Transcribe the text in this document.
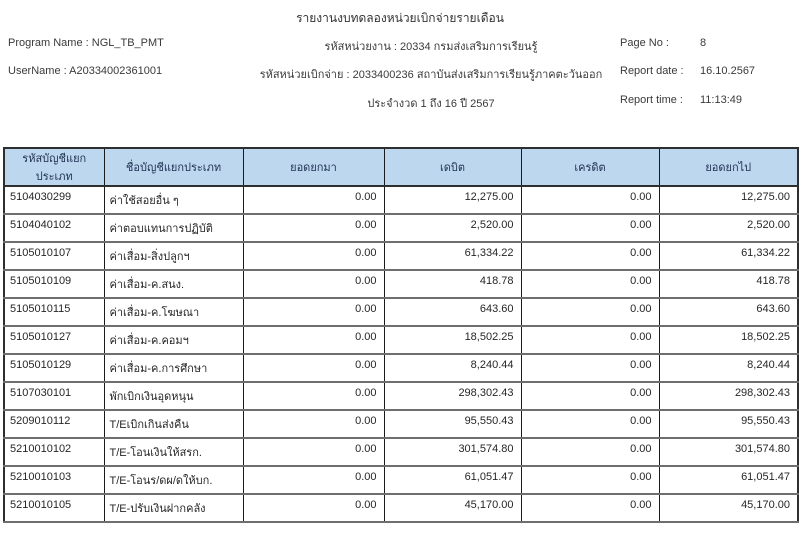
รายงานงบทดลองหน่วยเบิกจ่ายรายเดือน
Program Name : NGL_TB_PMT
UserName : A20334002361001
รหัสหน่วยงาน : 20334 กรมส่งเสริมการเรียนรู้
รหัสหน่วยเบิกจ่าย : 2033400236 สถาบันส่งเสริมการเรียนรู้ภาคตะวันออก
ประจำงวด 1 ถึง 16 ปี 2567
Page No :	8
Report date :	16.10.2567
Report time :	11:13:49
รหัสบัญชีแยกประเภท	ชื่อบัญชีแยกประเภท	ยอดยกมา	เดบิต	เครดิต	ยอดยกไป
5104030299	ค่าใช้สอยอื่น ๆ	0.00	12,275.00	0.00	12,275.00
5104040102	ค่าตอบแทนการปฏิบัติ	0.00	2,520.00	0.00	2,520.00
5105010107	ค่าเสื่อม-สิ่งปลูกฯ	0.00	61,334.22	0.00	61,334.22
5105010109	ค่าเสื่อม-ค.สนง.	0.00	418.78	0.00	418.78
5105010115	ค่าเสื่อม-ค.โฆษณา	0.00	643.60	0.00	643.60
5105010127	ค่าเสื่อม-ค.คอมฯ	0.00	18,502.25	0.00	18,502.25
5105010129	ค่าเสื่อม-ค.การศึกษา	0.00	8,240.44	0.00	8,240.44
5107030101	พักเบิกเงินอุดหนุน	0.00	298,302.43	0.00	298,302.43
5209010112	T/Eเบิกเกินส่งคืน	0.00	95,550.43	0.00	95,550.43
5210010102	T/E-โอนเงินให้สรก.	0.00	301,574.80	0.00	301,574.80
5210010103	T/E-โอนร/ดผ/ดให้บก.	0.00	61,051.47	0.00	61,051.47
5210010105	T/E-ปรับเงินฝากคลัง	0.00	45,170.00	0.00	45,170.00
